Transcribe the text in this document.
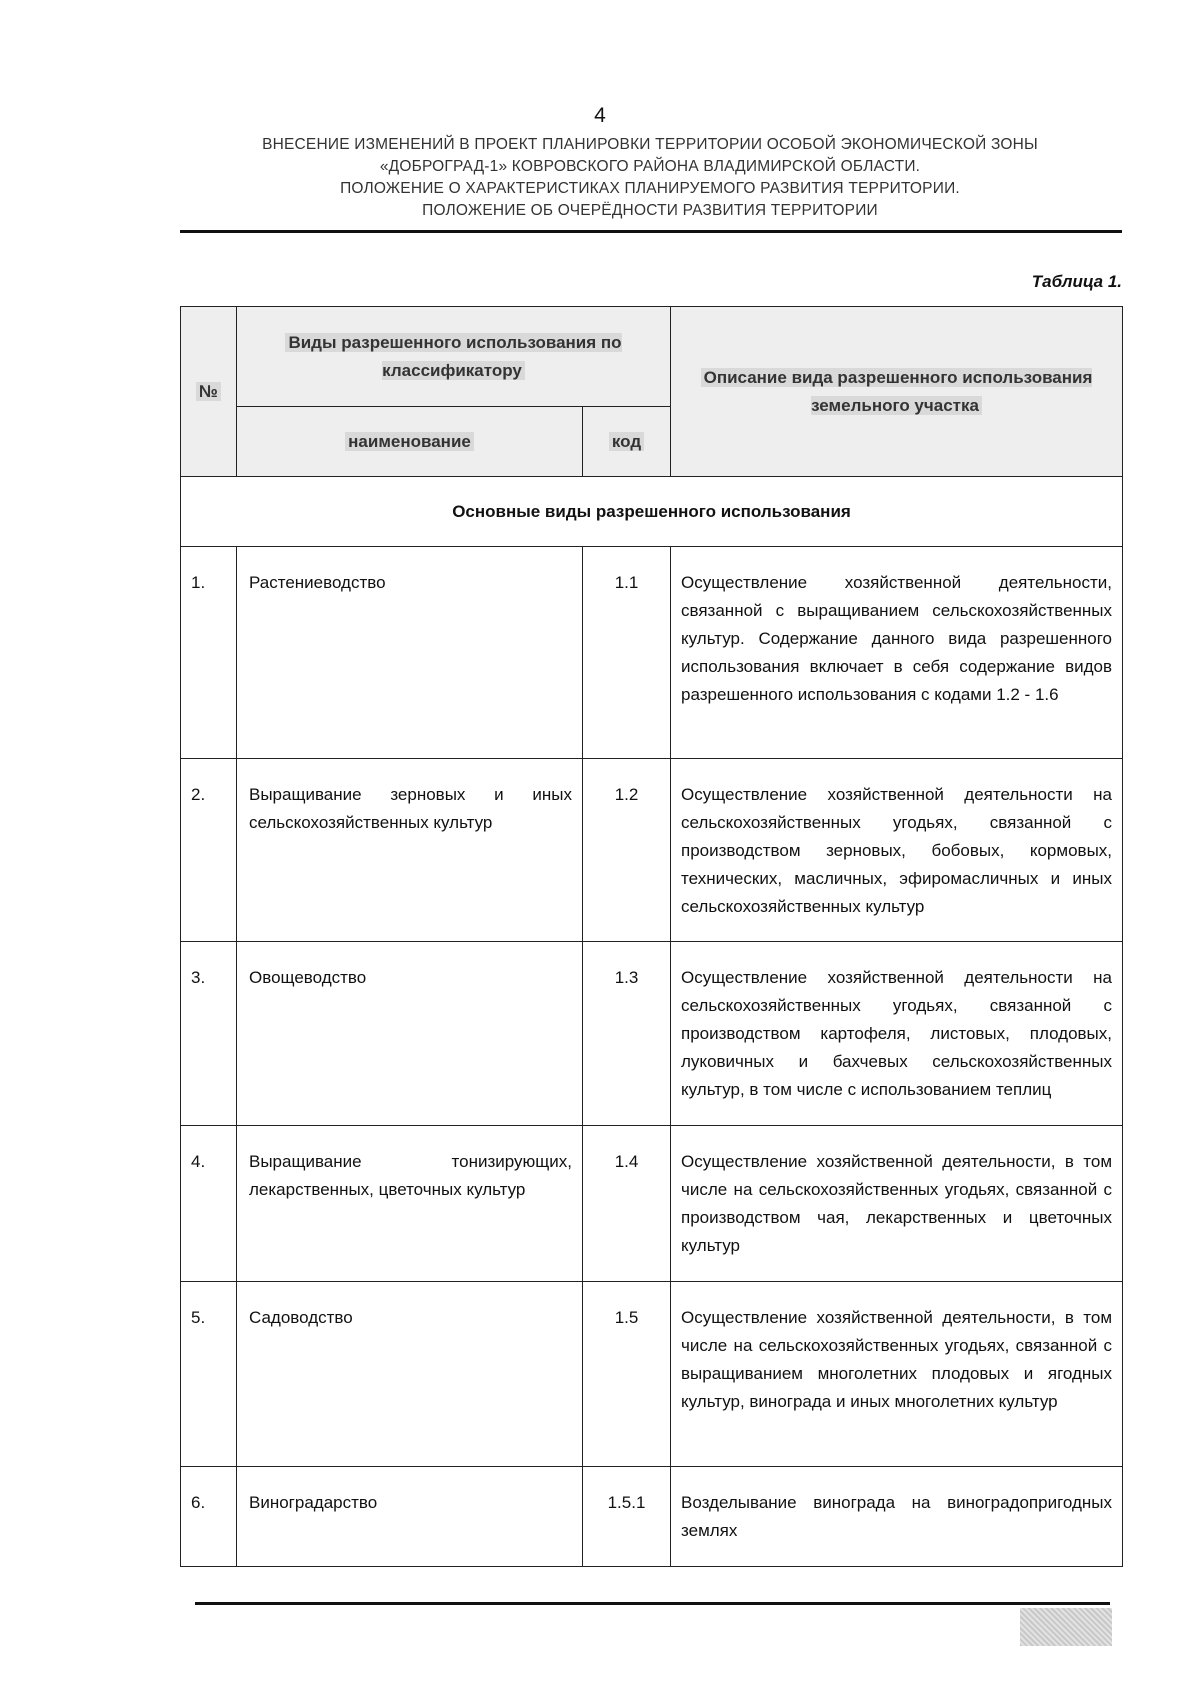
4
ВНЕСЕНИЕ ИЗМЕНЕНИЙ В ПРОЕКТ ПЛАНИРОВКИ ТЕРРИТОРИИ ОСОБОЙ ЭКОНОМИЧЕСКОЙ ЗОНЫ
«ДОБРОГРАД-1» КОВРОВСКОГО РАЙОНА ВЛАДИМИРСКОЙ ОБЛАСТИ.
ПОЛОЖЕНИЕ О ХАРАКТЕРИСТИКАХ ПЛАНИРУЕМОГО РАЗВИТИЯ ТЕРРИТОРИИ.
ПОЛОЖЕНИЕ ОБ ОЧЕРЁДНОСТИ РАЗВИТИЯ ТЕРРИТОРИИ
Таблица 1.
№	Виды разрешенного использования по классификатору		Описание вида разрешенного использования земельного участка
	наименование	код	
Основные виды разрешенного использования			
1.	Растениеводство	1.1	Осуществление хозяйственной деятельности, связанной с выращиванием сельскохозяйственных культур. Содержание данного вида разрешенного использования включает в себя содержание видов разрешенного использования с кодами 1.2 - 1.6
2.	Выращивание зерновых и иных сельскохозяйственных культур	1.2	Осуществление хозяйственной деятельности на сельскохозяйственных угодьях, связанной с производством зерновых, бобовых, кормовых, технических, масличных, эфиромасличных и иных сельскохозяйственных культур
3.	Овощеводство	1.3	Осуществление хозяйственной деятельности на сельскохозяйственных угодьях, связанной с производством картофеля, листовых, плодовых, луковичных и бахчевых сельскохозяйственных культур, в том числе с использованием теплиц
4.	Выращивание тонизирующих, лекарственных, цветочных культур	1.4	Осуществление хозяйственной деятельности, в том числе на сельскохозяйственных угодьях, связанной с производством чая, лекарственных и цветочных культур
5.	Садоводство	1.5	Осуществление хозяйственной деятельности, в том числе на сельскохозяйственных угодьях, связанной с выращиванием многолетних плодовых и ягодных культур, винограда и иных многолетних культур
6.	Виноградарство	1.5.1	Возделывание винограда на виноградопригодных землях
